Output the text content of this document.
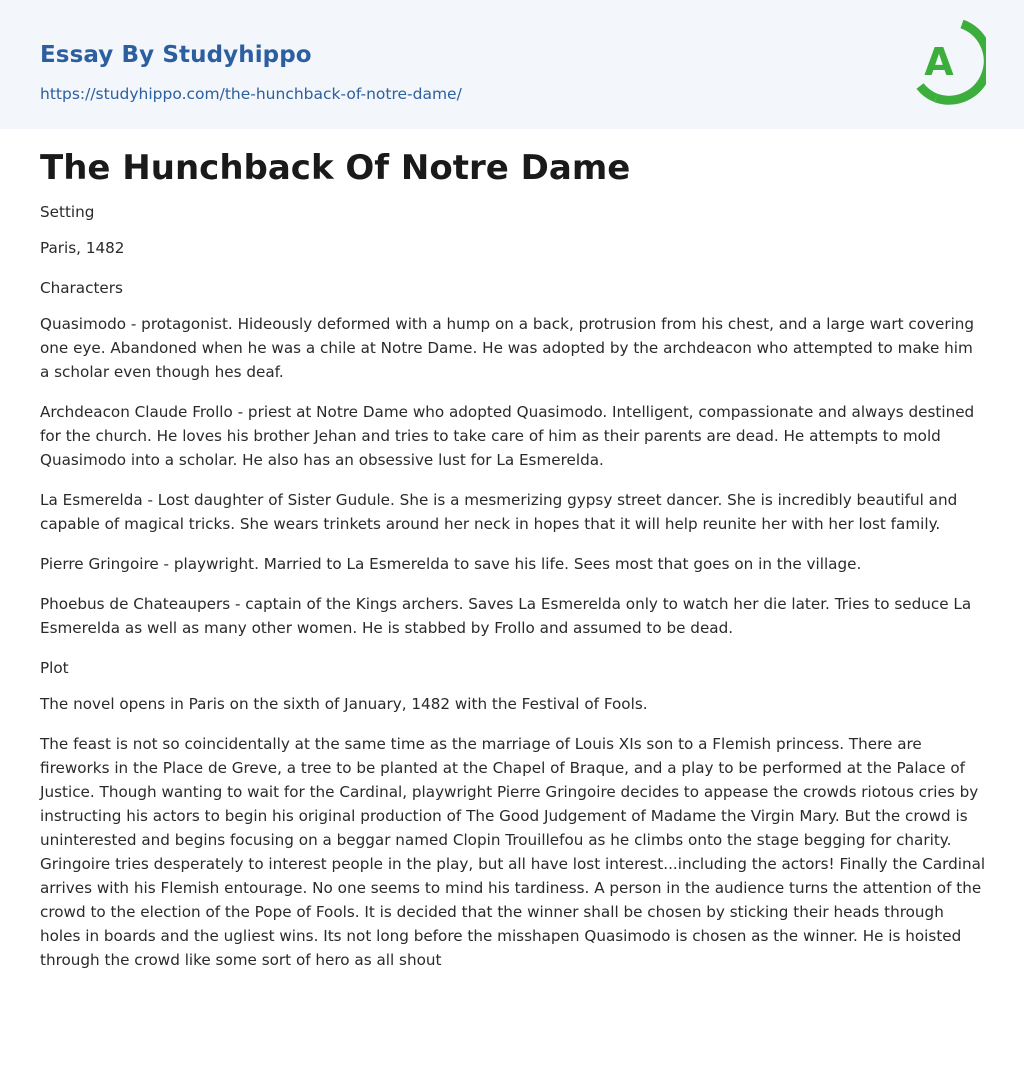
Essay By Studyhippo
https://studyhippo.com/the-hunchback-of-notre-dame/
A
The Hunchback Of Notre Dame

Setting

Paris, 1482

Characters

Quasimodo - protagonist. Hideously deformed with a hump on a back, protrusion from his chest, and a large wart covering one eye. Abandoned when he was a chile at Notre Dame. He was adopted by the archdeacon who attempted to make him a scholar even though hes deaf.

Archdeacon Claude Frollo - priest at Notre Dame who adopted Quasimodo. Intelligent, compassionate and always destined for the church. He loves his brother Jehan and tries to take care of him as their parents are dead. He attempts to mold Quasimodo into a scholar. He also has an obsessive lust for La Esmerelda.

La Esmerelda - Lost daughter of Sister Gudule. She is a mesmerizing gypsy street dancer. She is incredibly beautiful and capable of magical tricks. She wears trinkets around her neck in hopes that it will help reunite her with her lost family.

Pierre Gringoire - playwright. Married to La Esmerelda to save his life. Sees most that goes on in the village.

Phoebus de Chateaupers - captain of the Kings archers. Saves La Esmerelda only to watch her die later. Tries to seduce La Esmerelda as well as many other women. He is stabbed by Frollo and assumed to be dead.

Plot

The novel opens in Paris on the sixth of January, 1482 with the Festival of Fools.

The feast is not so coincidentally at the same time as the marriage of Louis XIs son to a Flemish princess. There are fireworks in the Place de Greve, a tree to be planted at the Chapel of Braque, and a play to be performed at the Palace of Justice. Though wanting to wait for the Cardinal, playwright Pierre Gringoire decides to appease the crowds riotous cries by instructing his actors to begin his original production of The Good Judgement of Madame the Virgin Mary. But the crowd is uninterested and begins focusing on a beggar named Clopin Trouillefou as he climbs onto the stage begging for charity. Gringoire tries desperately to interest people in the play, but all have lost interest...including the actors! Finally the Cardinal arrives with his Flemish entourage. No one seems to mind his tardiness. A person in the audience turns the attention of the crowd to the election of the Pope of Fools. It is decided that the winner shall be chosen by sticking their heads through holes in boards and the ugliest wins. Its not long before the misshapen Quasimodo is chosen as the winner. He is hoisted through the crowd like some sort of hero as all shout
